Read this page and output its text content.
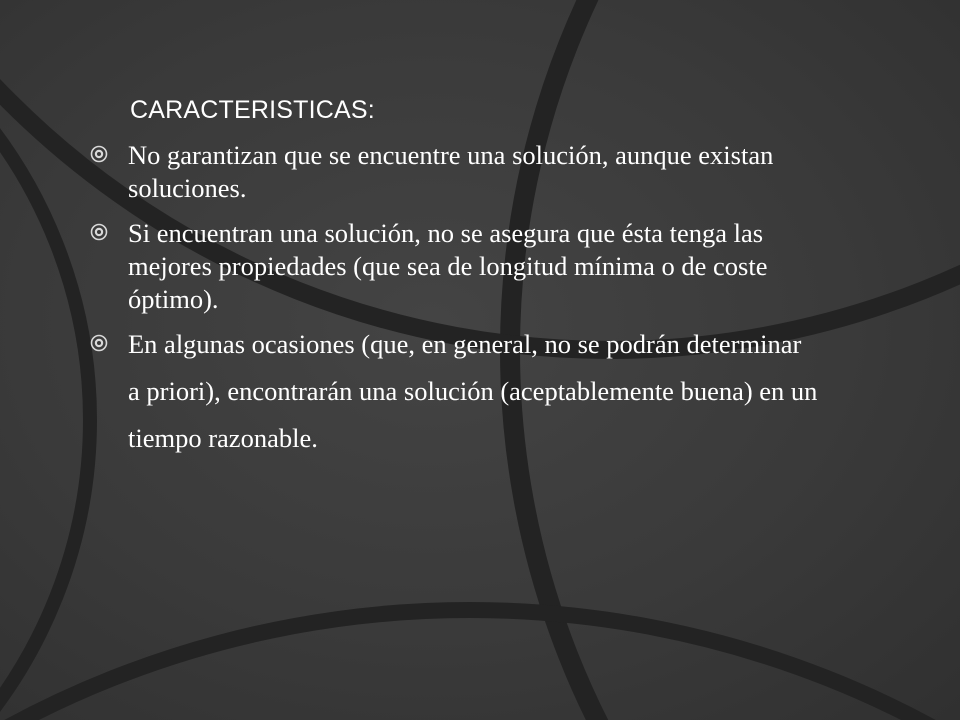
CARACTERISTICAS:

No garantizan que se encuentre una solución, aunque existan soluciones.

Si encuentran una solución, no se asegura que ésta tenga las mejores propiedades (que sea de longitud mínima o de coste óptimo).

En algunas ocasiones (que, en general, no se podrán determinar a priori), encontrarán una solución (aceptablemente buena) en un tiempo razonable.
